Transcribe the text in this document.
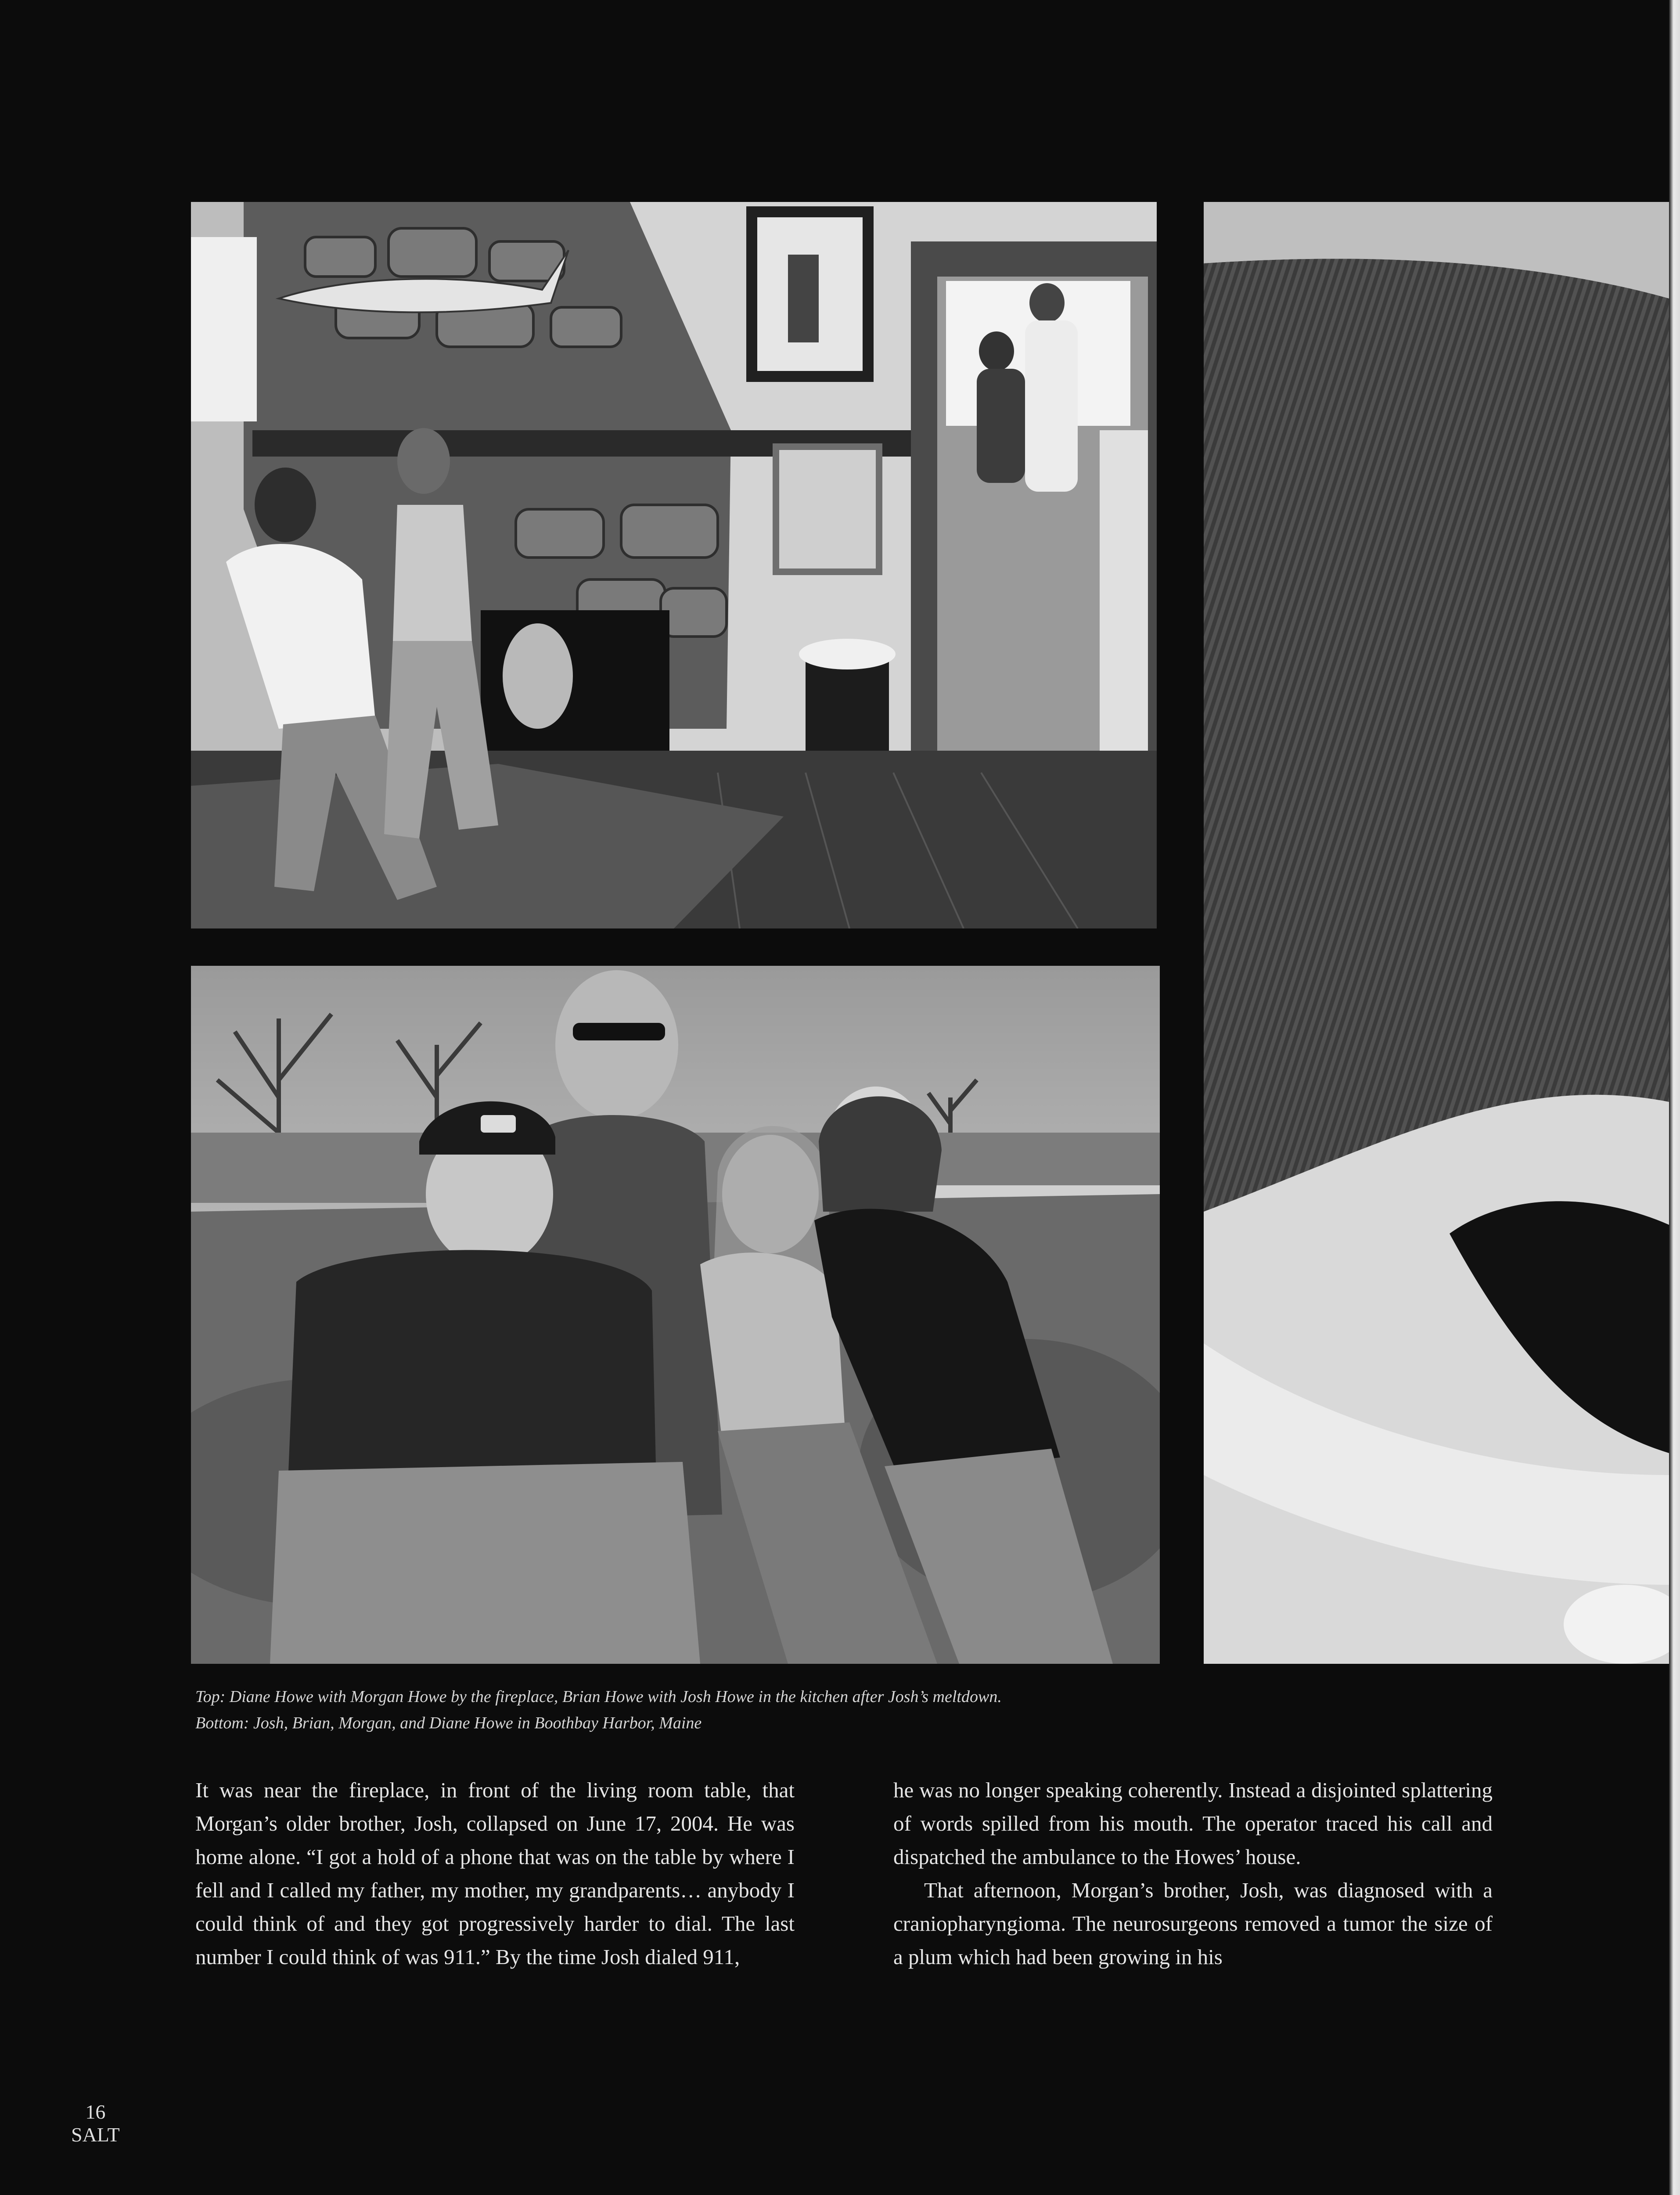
Top: Diane Howe with Morgan Howe by the fireplace, Brian Howe with Josh Howe in the kitchen after Josh’s meltdown.
Bottom: Josh, Brian, Morgan, and Diane Howe in Boothbay Harbor, Maine

It was near the fireplace, in front of the living room table, that Morgan’s older brother, Josh, collapsed on June 17, 2004. He was home alone. “I got a hold of a phone that was on the table by where I fell and I called my father, my mother, my grandparents… anybody I could think of and they got progressively harder to dial. The last number I could think of was 911.” By the time Josh dialed 911,

he was no longer speaking coherently. Instead a disjointed splattering of words spilled from his mouth. The operator traced his call and dispatched the ambulance to the Howes’ house.

That afternoon, Morgan’s brother, Josh, was diagnosed with a craniopharyngioma. The neurosurgeons removed a tumor the size of a plum which had been growing in his

16
SALT
